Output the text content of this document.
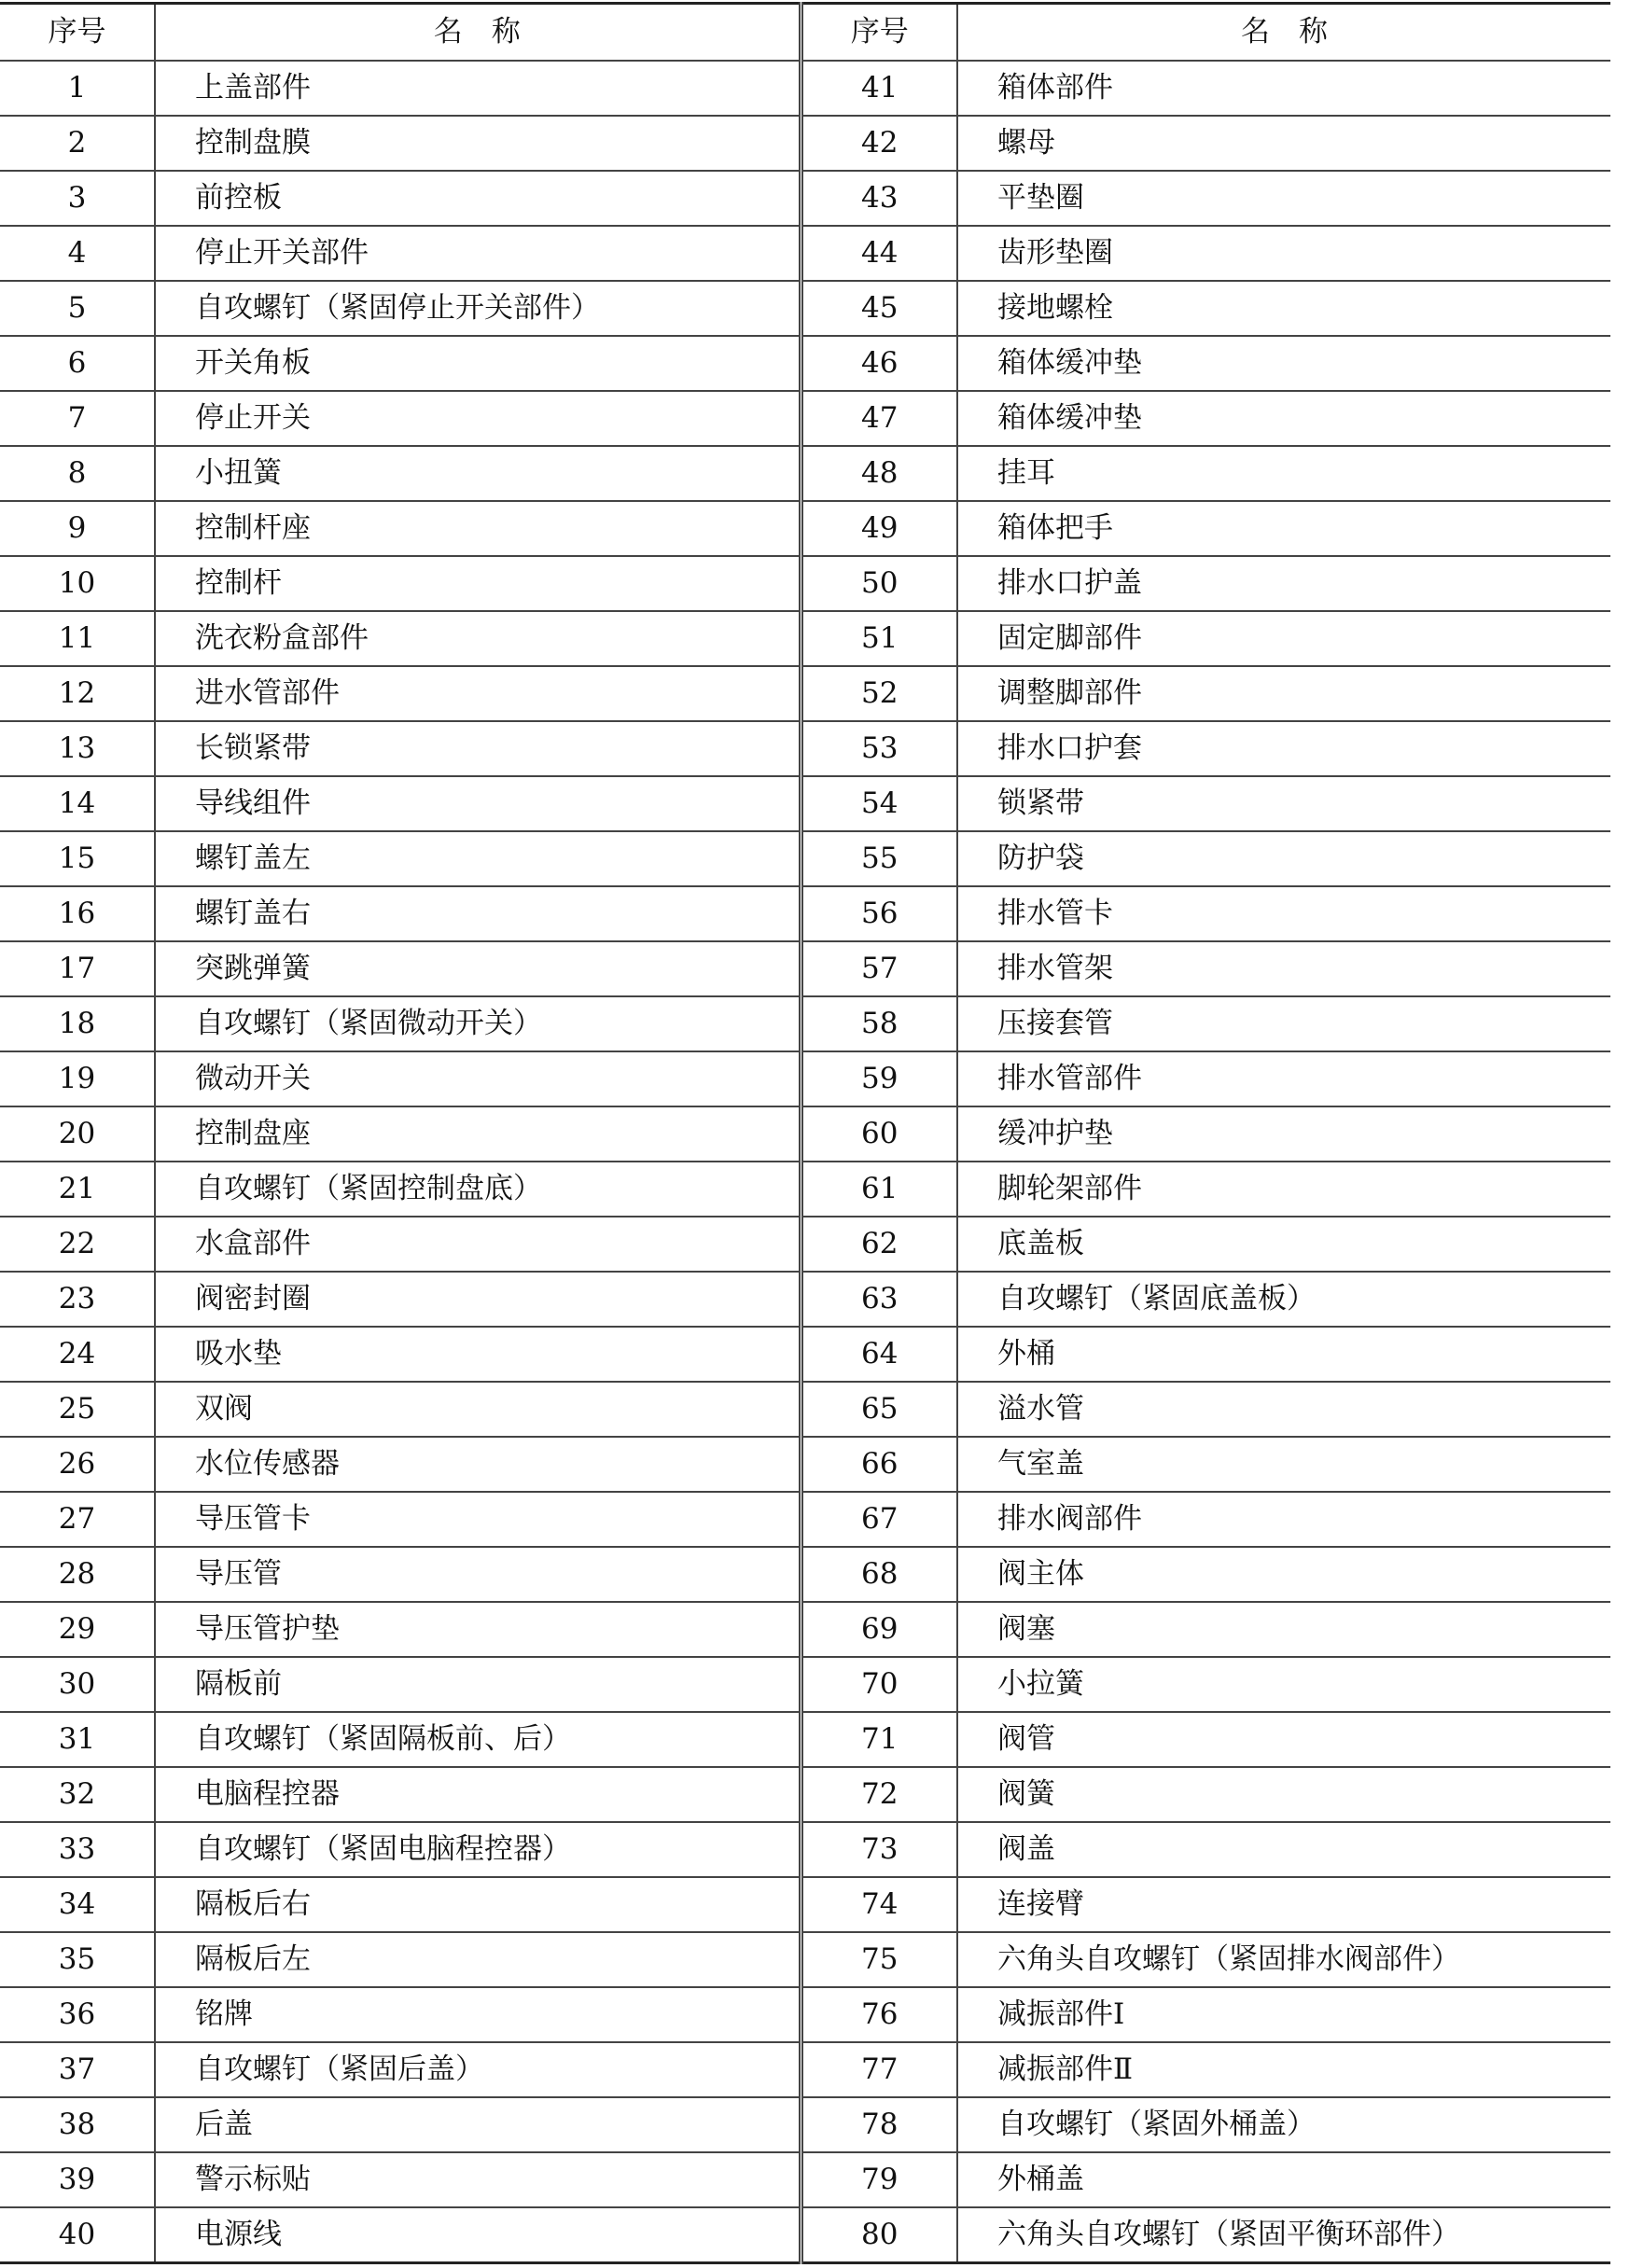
序号	名　称	序号	名　称
1	上盖部件	41	箱体部件
2	控制盘膜	42	螺母
3	前控板	43	平垫圈
4	停止开关部件	44	齿形垫圈
5	自攻螺钉（紧固停止开关部件）	45	接地螺栓
6	开关角板	46	箱体缓冲垫
7	停止开关	47	箱体缓冲垫
8	小扭簧	48	挂耳
9	控制杆座	49	箱体把手
10	控制杆	50	排水口护盖
11	洗衣粉盒部件	51	固定脚部件
12	进水管部件	52	调整脚部件
13	长锁紧带	53	排水口护套
14	导线组件	54	锁紧带
15	螺钉盖左	55	防护袋
16	螺钉盖右	56	排水管卡
17	突跳弹簧	57	排水管架
18	自攻螺钉（紧固微动开关）	58	压接套管
19	微动开关	59	排水管部件
20	控制盘座	60	缓冲护垫
21	自攻螺钉（紧固控制盘底）	61	脚轮架部件
22	水盒部件	62	底盖板
23	阀密封圈	63	自攻螺钉（紧固底盖板）
24	吸水垫	64	外桶
25	双阀	65	溢水管
26	水位传感器	66	气室盖
27	导压管卡	67	排水阀部件
28	导压管	68	阀主体
29	导压管护垫	69	阀塞
30	隔板前	70	小拉簧
31	自攻螺钉（紧固隔板前、后）	71	阀管
32	电脑程控器	72	阀簧
33	自攻螺钉（紧固电脑程控器）	73	阀盖
34	隔板后右	74	连接臂
35	隔板后左	75	六角头自攻螺钉（紧固排水阀部件）
36	铭牌	76	减振部件Ⅰ
37	自攻螺钉（紧固后盖）	77	减振部件Ⅱ
38	后盖	78	自攻螺钉（紧固外桶盖）
39	警示标贴	79	外桶盖
40	电源线	80	六角头自攻螺钉（紧固平衡环部件）
